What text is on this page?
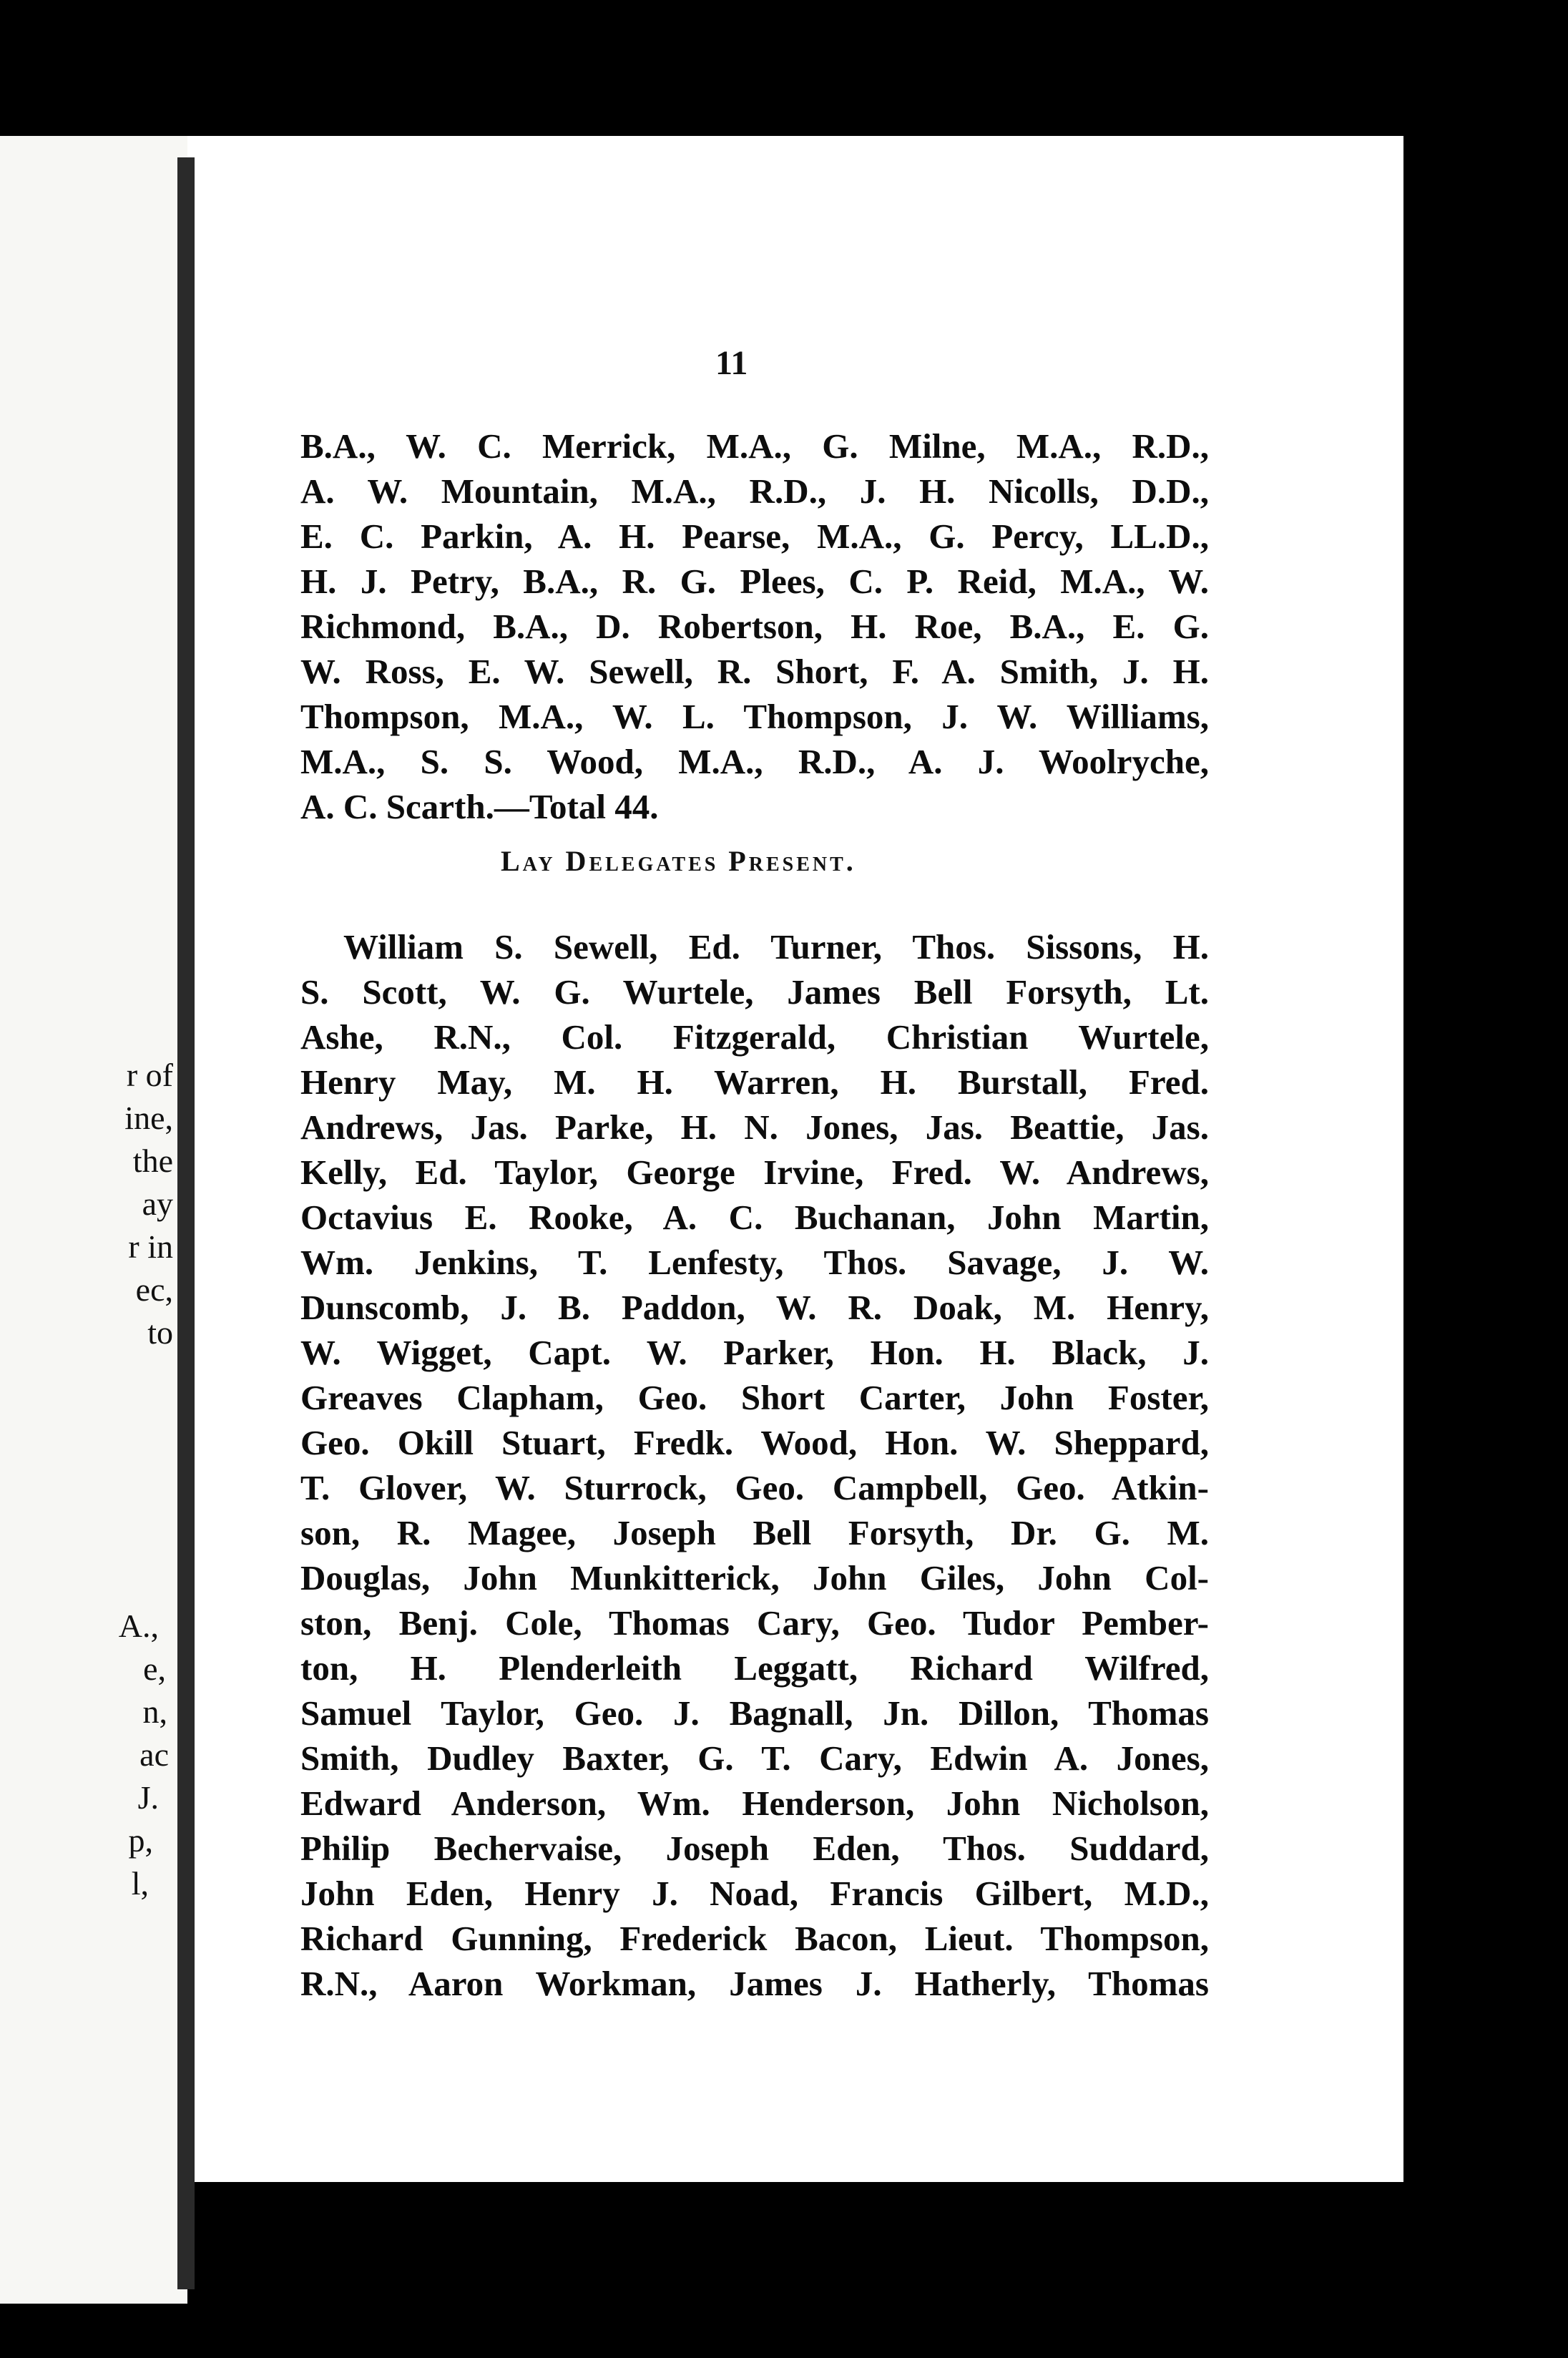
r of
ine,
the
ay
r in
ec,
to
A.,
e,
n,
ac
J.
p,
l,
11
B.A., W. C. Merrick, M.A., G. Milne, M.A., R.D.,
A. W. Mountain, M.A., R.D., J. H. Nicolls, D.D.,
E. C. Parkin, A. H. Pearse, M.A., G. Percy, LL.D.,
H. J. Petry, B.A., R. G. Plees, C. P. Reid, M.A., W.
Richmond, B.A., D. Robertson, H. Roe, B.A., E. G.
W. Ross, E. W. Sewell, R. Short, F. A. Smith, J. H.
Thompson, M.A., W. L. Thompson, J. W. Williams,
M.A., S. S. Wood, M.A., R.D., A. J. Woolryche,
A. C. Scarth.—Total 44.
Lay Delegates Present.
William S. Sewell, Ed. Turner, Thos. Sissons, H.
S. Scott, W. G. Wurtele, James Bell Forsyth, Lt.
Ashe, R.N., Col. Fitzgerald, Christian Wurtele,
Henry May, M. H. Warren, H. Burstall, Fred.
Andrews, Jas. Parke, H. N. Jones, Jas. Beattie, Jas.
Kelly, Ed. Taylor, George Irvine, Fred. W. Andrews,
Octavius E. Rooke, A. C. Buchanan, John Martin,
Wm. Jenkins, T. Lenfesty, Thos. Savage, J. W.
Dunscomb, J. B. Paddon, W. R. Doak, M. Henry,
W. Wigget, Capt. W. Parker, Hon. H. Black, J.
Greaves Clapham, Geo. Short Carter, John Foster,
Geo. Okill Stuart, Fredk. Wood, Hon. W. Sheppard,
T. Glover, W. Sturrock, Geo. Campbell, Geo. Atkin-
son, R. Magee, Joseph Bell Forsyth, Dr. G. M.
Douglas, John Munkitterick, John Giles, John Col-
ston, Benj. Cole, Thomas Cary, Geo. Tudor Pember-
ton, H. Plenderleith Leggatt, Richard Wilfred,
Samuel Taylor, Geo. J. Bagnall, Jn. Dillon, Thomas
Smith, Dudley Baxter, G. T. Cary, Edwin A. Jones,
Edward Anderson, Wm. Henderson, John Nicholson,
Philip Bechervaise, Joseph Eden, Thos. Suddard,
John Eden, Henry J. Noad, Francis Gilbert, M.D.,
Richard Gunning, Frederick Bacon, Lieut. Thompson,
R.N., Aaron Workman, James J. Hatherly, Thomas
